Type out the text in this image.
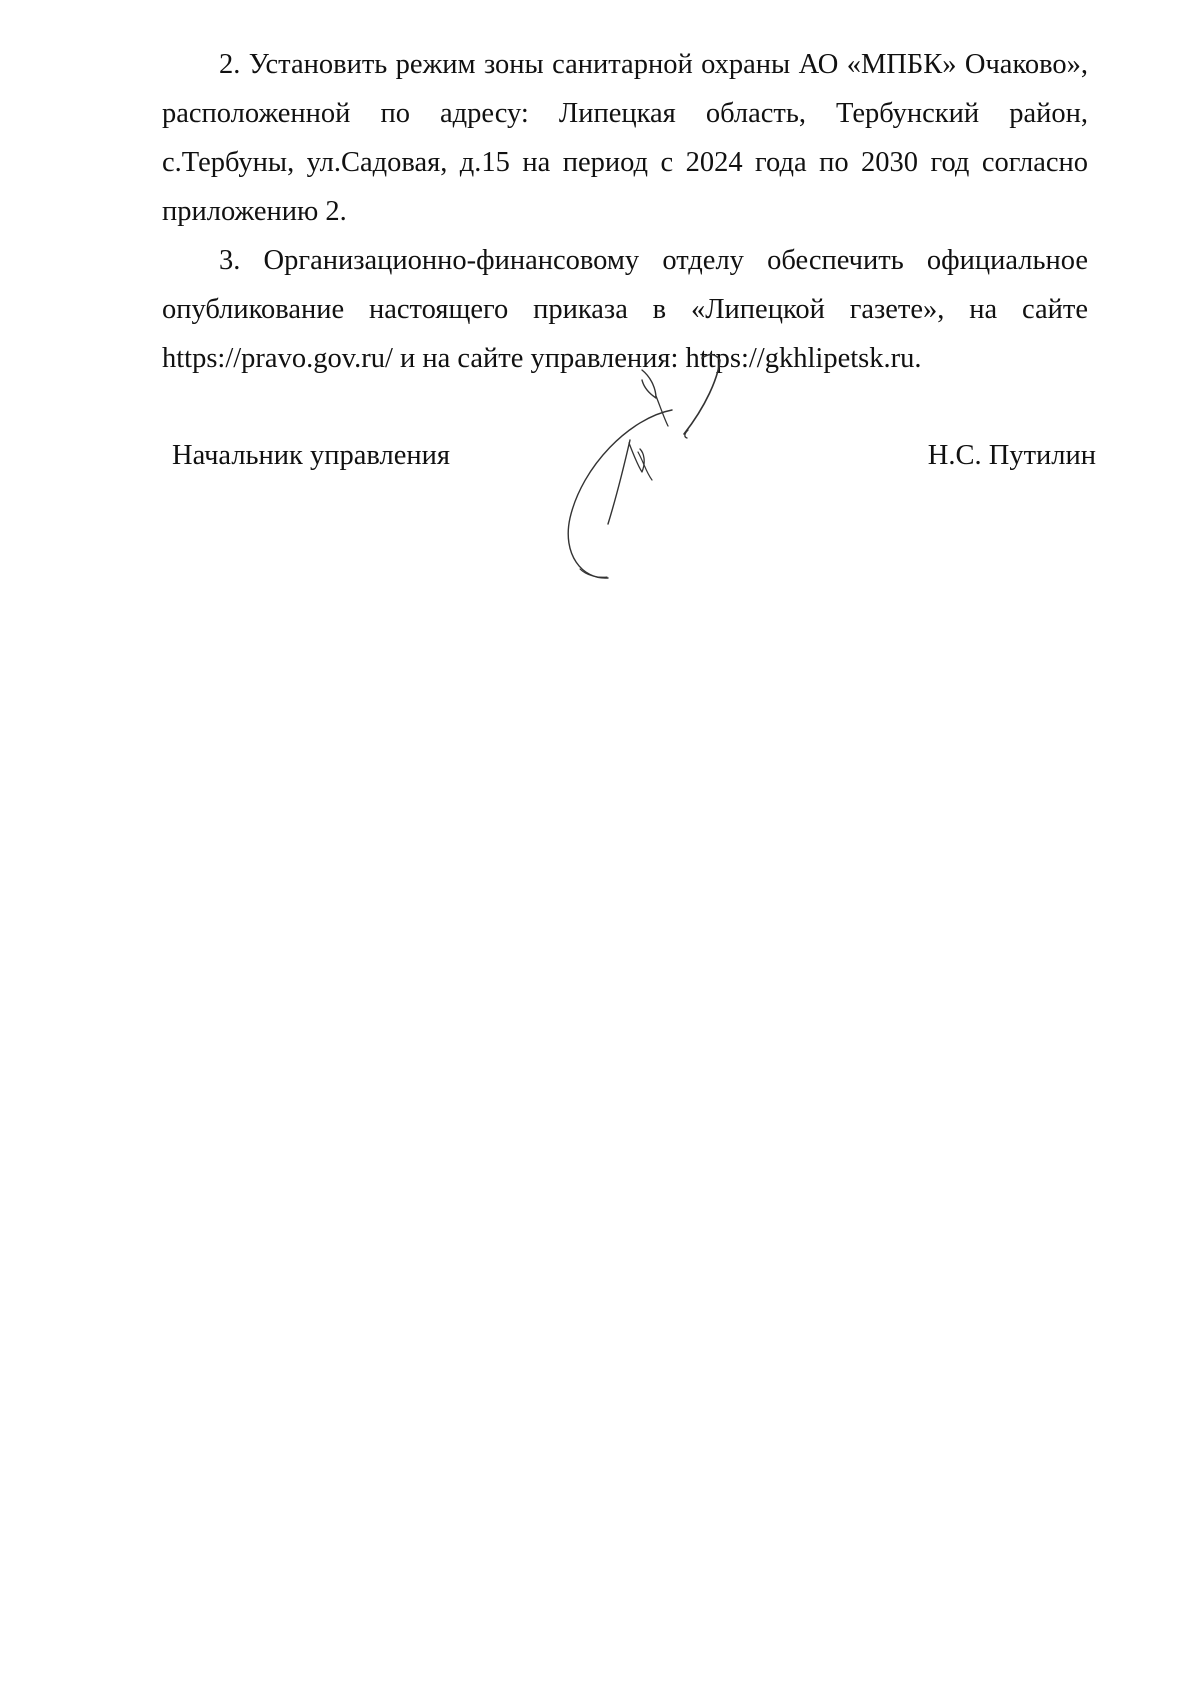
2. Установить режим зоны санитарной охраны АО «МПБК» Очаково», расположенной по адресу: Липецкая область, Тербунский район, с.Тербуны, ул.Садовая, д.15 на период с 2024 года по 2030 год согласно приложению 2.

3. Организационно-финансовому отделу обеспечить официальное опубликование настоящего приказа в «Липецкой газете», на сайте https://pravo.gov.ru/ и на сайте управления: https://gkhlipetsk.ru.

Начальник управления	Н.С. Путилин
